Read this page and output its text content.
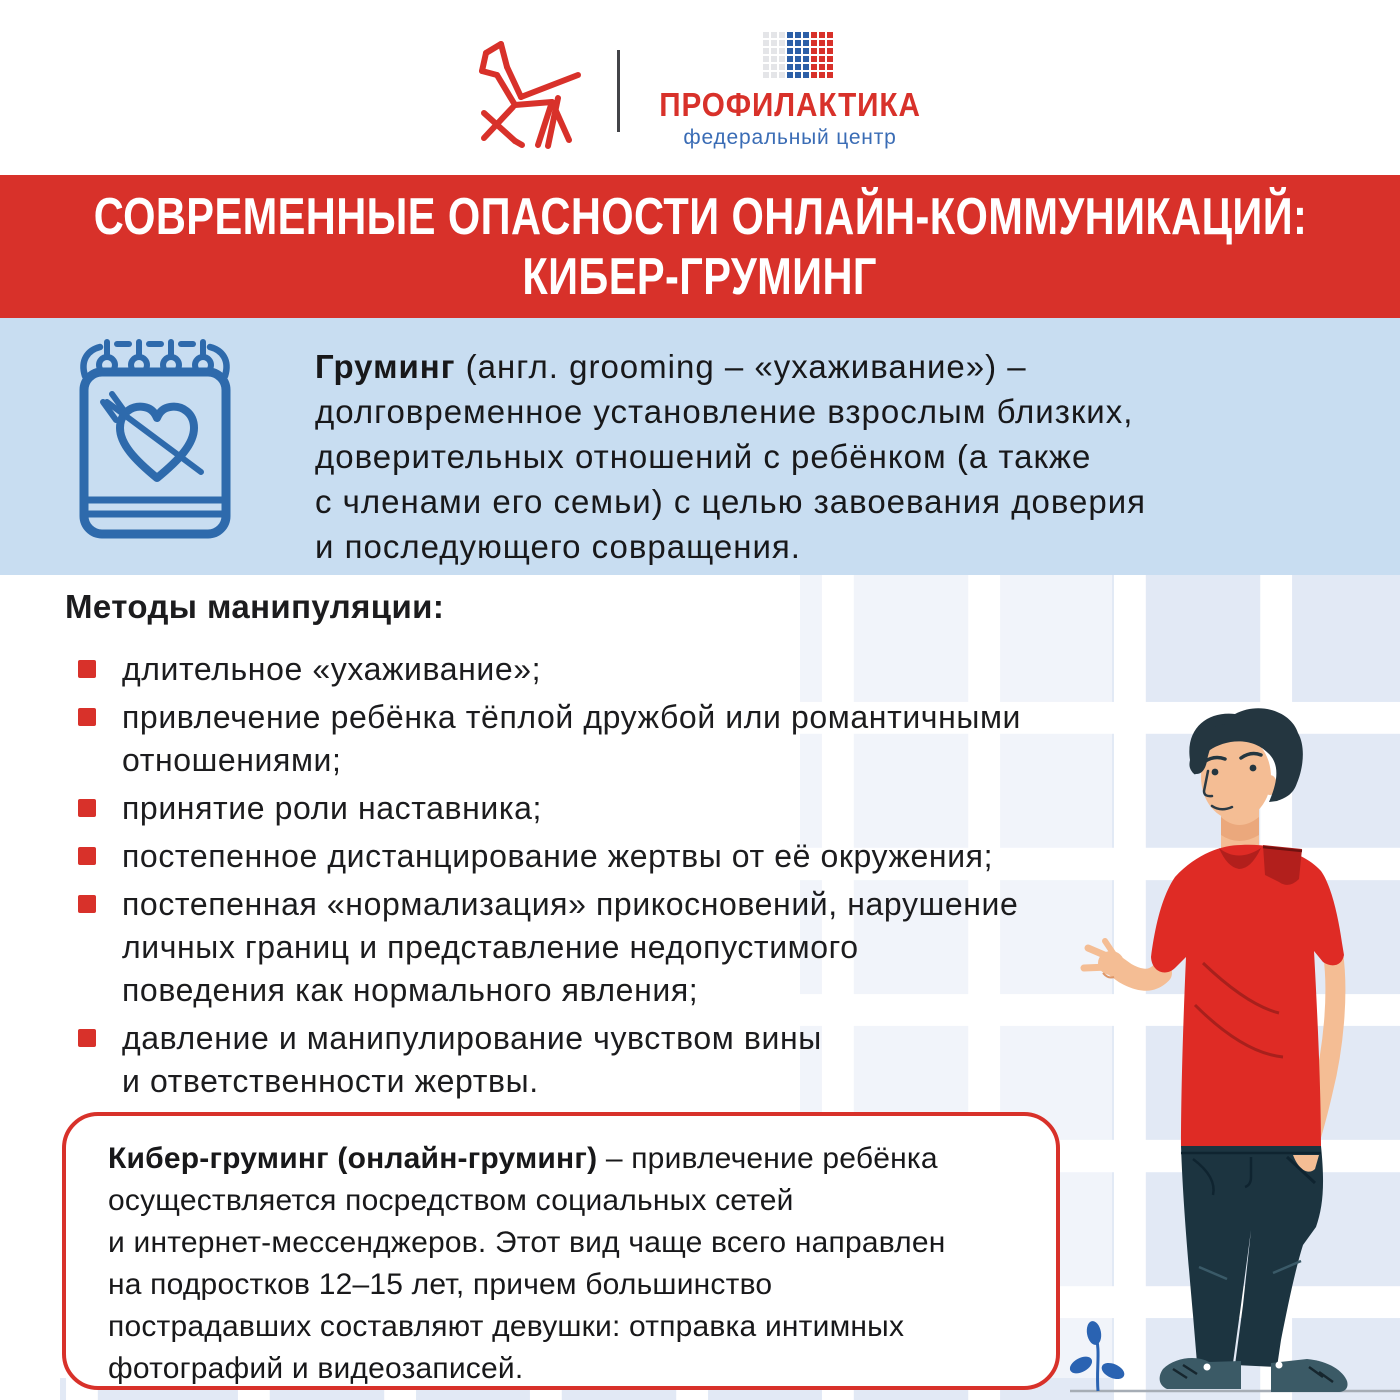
ПРОФИЛАКТИКА
федеральный центр
СОВРЕМЕННЫЕ ОПАСНОСТИ ОНЛАЙН-КОММУНИКАЦИЙ:
КИБЕР-ГРУМИНГ
Груминг (англ. grooming – «ухаживание») –
долговременное установление взрослым близких,
доверительных отношений с ребёнком (а также
с членами его семьи) с целью завоевания доверия
и последующего совращения.
Методы манипуляции:
длительное «ухаживание»;
привлечение ребёнка тёплой дружбой или романтичными
отношениями;
принятие роли наставника;
постепенное дистанцирование жертвы от её окружения;
постепенная «нормализация» прикосновений, нарушение
личных границ и представление недопустимого
поведения как нормального явления;
давление и манипулирование чувством вины
и ответственности жертвы.
Кибер-груминг (онлайн-груминг) – привлечение ребёнка
осуществляется посредством социальных сетей
и интернет-мессенджеров. Этот вид чаще всего направлен
на подростков 12–15 лет, причем большинство
пострадавших составляют девушки: отправка интимных
фотографий и видеозаписей.
